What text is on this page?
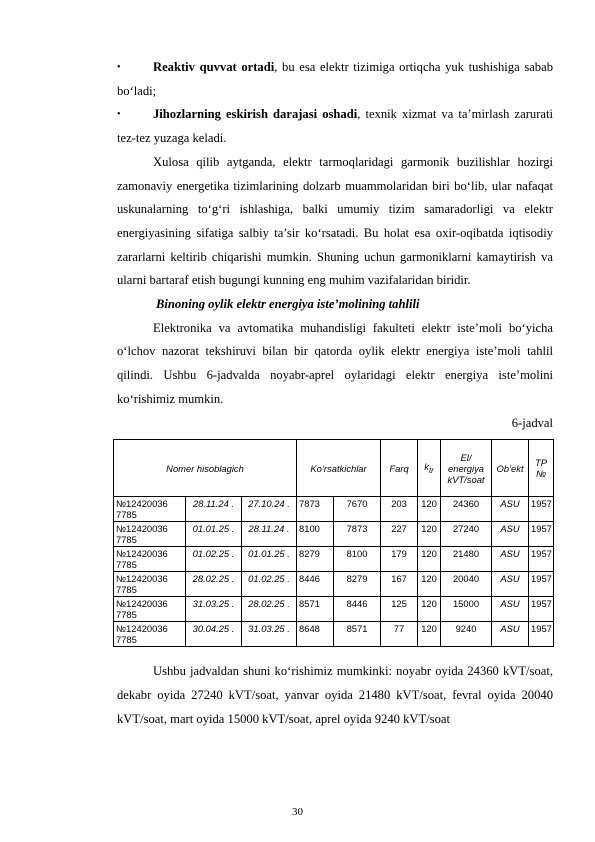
•	Reaktiv quvvat ortadi, bu esa elektr tizimiga ortiqcha yuk tushishiga sabab bo‘ladi;

•	Jihozlarning eskirish darajasi oshadi, texnik xizmat va ta’mirlash zarurati tez-tez yuzaga keladi.

Xulosa qilib aytganda, elektr tarmoqlaridagi garmonik buzilishlar hozirgi zamonaviy energetika tizimlarining dolzarb muammolaridan biri bo‘lib, ular nafaqat uskunalarning to‘g‘ri ishlashiga, balki umumiy tizim samaradorligi va elektr energiyasining sifatiga salbiy ta’sir ko‘rsatadi. Bu holat esa oxir-oqibatda iqtisodiy zararlarni keltirib chiqarishi mumkin. Shuning uchun garmoniklarni kamaytirish va ularni bartaraf etish bugungi kunning eng muhim vazifalaridan biridir.

Binoning oylik elektr energiya iste’molining tahlili

Elektronika va avtomatika muhandisligi fakulteti elektr iste’moli bo‘yicha o‘lchov nazorat tekshiruvi bilan bir qatorda oylik elektr energiya iste’moli tahlil qilindi. Ushbu 6-jadvalda noyabr-aprel oylaridagi elektr energiya iste’molini ko‘rishimiz mumkin.

6-jadval

Nomer hisoblagich			Ko‘rsatkichlar		Farq	$k_{tr}$	El/ energiya kVT/soat	Ob’ekt	TP №
№12420036 7785	28.11.24 .	27.10.24 .	7873	7670	203	120	24360	ASU	1957
№12420036 7785	01.01.25 .	28.11.24 .	8100	7873	227	120	27240	ASU	1957
№12420036 7785	01.02.25 .	01.01.25 .	8279	8100	179	120	21480	ASU	1957
№12420036 7785	28.02.25 .	01.02.25 .	8446	8279	167	120	20040	ASU	1957
№12420036 7785	31.03.25 .	28.02.25 .	8571	8446	125	120	15000	ASU	1957
№12420036 7785	30.04.25 .	31.03.25 .	8648	8571	77	120	9240	ASU	1957

Ushbu jadvaldan shuni ko‘rishimiz mumkinki: noyabr oyida 24360 kVT/soat, dekabr oyida 27240 kVT/soat, yanvar oyida 21480 kVT/soat, fevral oyida 20040 kVT/soat, mart oyida 15000 kVT/soat, aprel oyida 9240 kVT/soat

30
